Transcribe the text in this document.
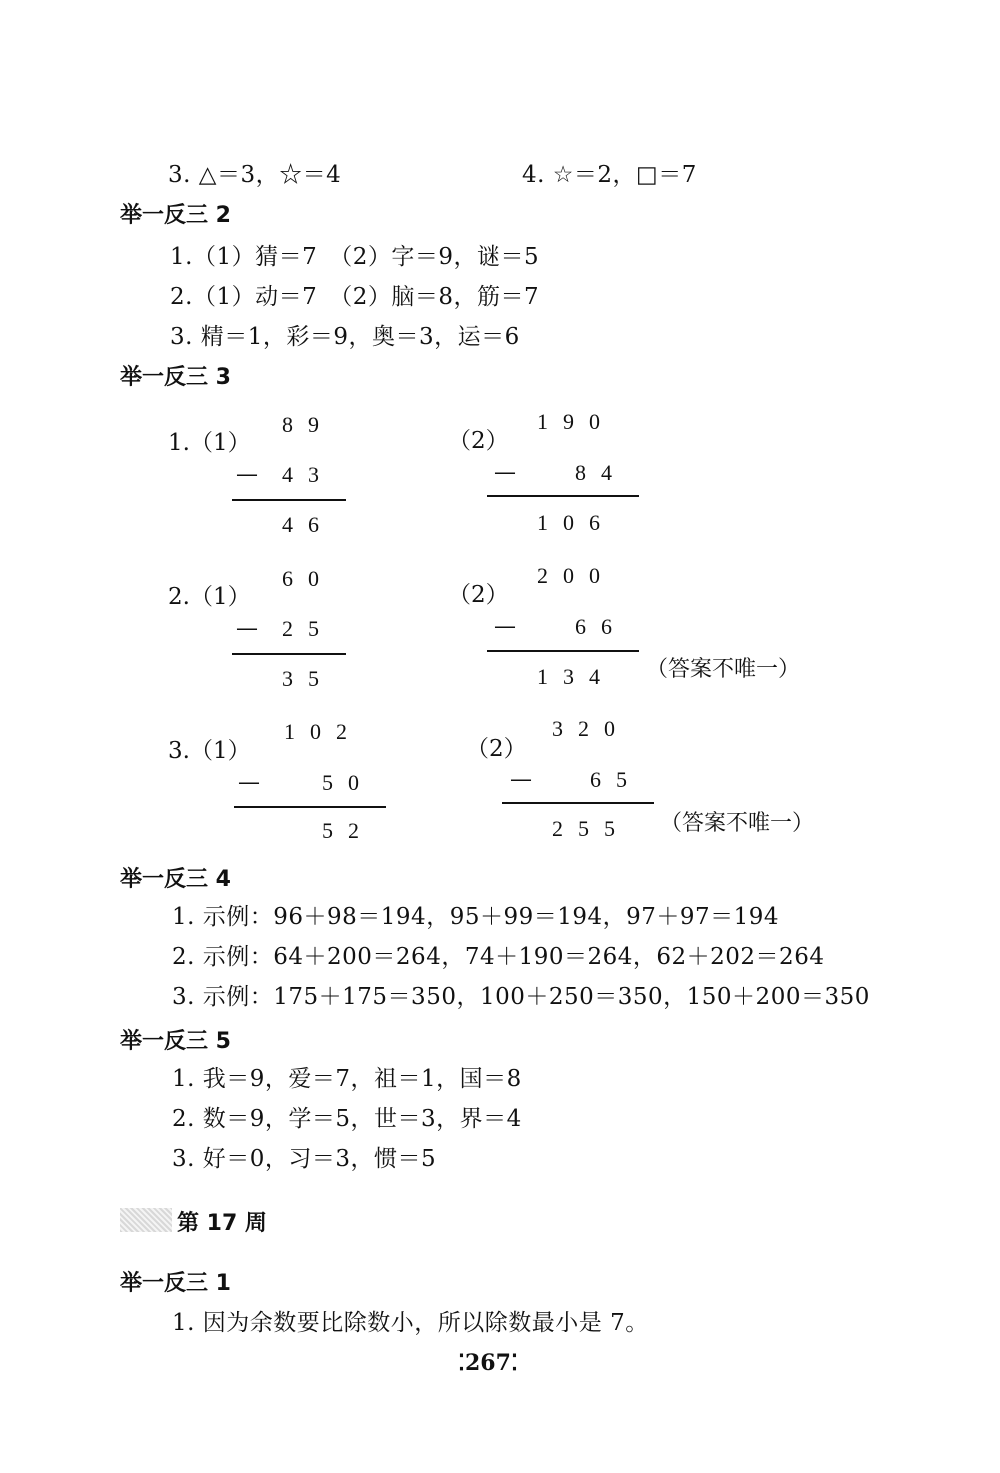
3. △＝3，☆＝4	4. ☆＝2，□＝7
举一反三 2
1.（1）猜＝7　（2）字＝9，谜＝5
2.（1）动＝7　（2）脑＝8，筋＝7
3. 精＝1，彩＝9，奥＝3，运＝6
举一反三 3
1.（1）
89
— 43
46
（2）
190
—	84
106
2.（1）
60
— 25
35
（2）
200
—	66
134 （答案不唯一）
3.（1）
102
—	50
52
（2）
320
—	65
255 （答案不唯一）
举一反三 4
1. 示例：96＋98＝194，95＋99＝194，97＋97＝194
2. 示例：64＋200＝264，74＋190＝264，62＋202＝264
3. 示例：175＋175＝350，100＋250＝350，150＋200＝350
举一反三 5
1. 我＝9，爱＝7，祖＝1，国＝8
2. 数＝9，学＝5，世＝3，界＝4
3. 好＝0，习＝3，惯＝5
第 17 周
举一反三 1
1. 因为余数要比除数小，所以除数最小是 7。
⁚267⁚
